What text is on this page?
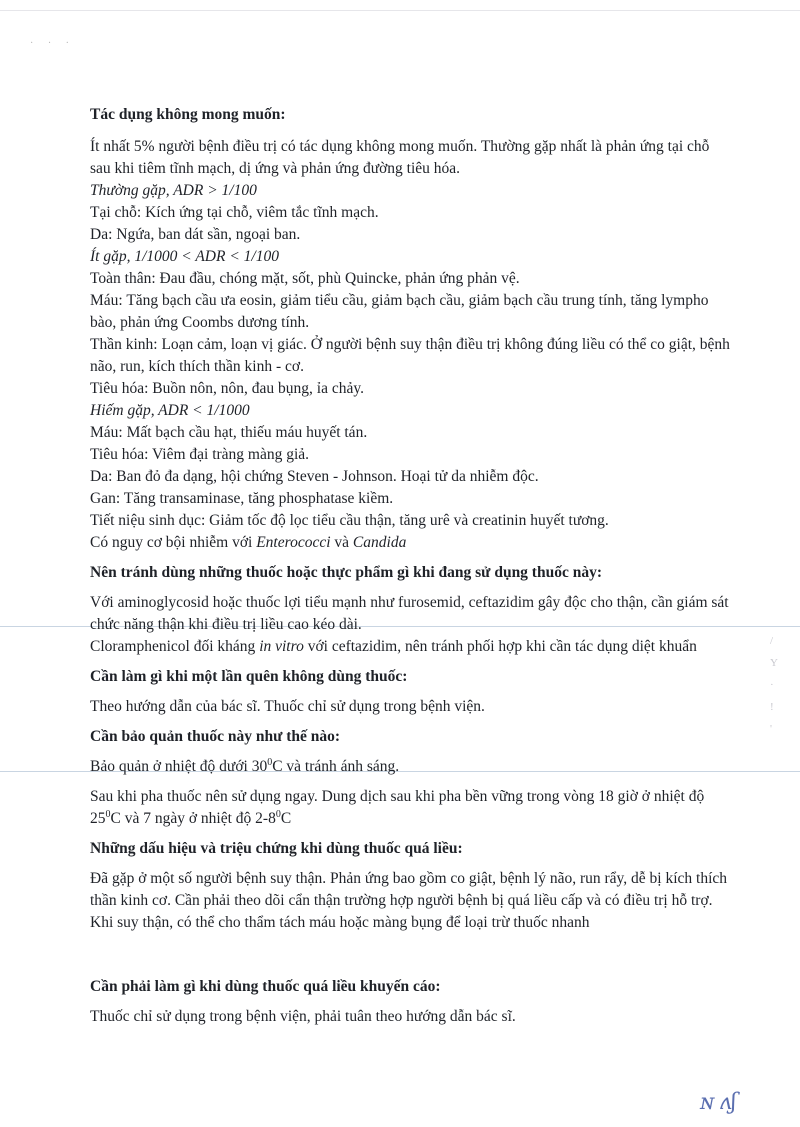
· · ·
/
Y
·
!
'
Tác dụng không mong muốn:

Ít nhất 5% người bệnh điều trị có tác dụng không mong muốn. Thường gặp nhất là phản ứng tại chỗ sau khi tiêm tĩnh mạch, dị ứng và phản ứng đường tiêu hóa.

Thường gặp, ADR > 1/100

Tại chỗ: Kích ứng tại chỗ, viêm tắc tĩnh mạch.

Da: Ngứa, ban dát sần, ngoại ban.

Ít gặp, 1/1000 < ADR < 1/100

Toàn thân: Đau đầu, chóng mặt, sốt, phù Quincke, phản ứng phản vệ.

Máu: Tăng bạch cầu ưa eosin, giảm tiểu cầu, giảm bạch cầu, giảm bạch cầu trung tính, tăng lympho bào, phản ứng Coombs dương tính.

Thần kinh: Loạn cảm, loạn vị giác. Ở người bệnh suy thận điều trị không đúng liều có thể co giật, bệnh não, run, kích thích thần kinh - cơ.

Tiêu hóa: Buồn nôn, nôn, đau bụng, ỉa chảy.

Hiếm gặp, ADR < 1/1000

Máu: Mất bạch cầu hạt, thiếu máu huyết tán.

Tiêu hóa: Viêm đại tràng màng giả.

Da: Ban đỏ đa dạng, hội chứng Steven - Johnson. Hoại tử da nhiễm độc.

Gan: Tăng transaminase, tăng phosphatase kiềm.

Tiết niệu sinh dục: Giảm tốc độ lọc tiểu cầu thận, tăng urê và creatinin huyết tương.

Có nguy cơ bội nhiễm với Enterococci và Candida

Nên tránh dùng những thuốc hoặc thực phẩm gì khi đang sử dụng thuốc này:

Với aminoglycosid hoặc thuốc lợi tiểu mạnh như furosemid, ceftazidim gây độc cho thận, cần giám sát chức năng thận khi điều trị liều cao kéo dài.

Cloramphenicol đối kháng in vitro với ceftazidim, nên tránh phối hợp khi cần tác dụng diệt khuẩn

Cần làm gì khi một lần quên không dùng thuốc:

Theo hướng dẫn của bác sĩ. Thuốc chỉ sử dụng trong bệnh viện.

Cần bảo quản thuốc này như thế nào:

Bảo quản ở nhiệt độ dưới $30^0C$ và tránh ánh sáng.

Sau khi pha thuốc nên sử dụng ngay. Dung dịch sau khi pha bền vững trong vòng 18 giờ ở nhiệt độ $25^0C$ và 7 ngày ở nhiệt độ $2-8^0C$

Những dấu hiệu và triệu chứng khi dùng thuốc quá liều:

Đã gặp ở một số người bệnh suy thận. Phản ứng bao gồm co giật, bệnh lý não, run rẩy, dễ bị kích thích thần kinh cơ. Cần phải theo dõi cẩn thận trường hợp người bệnh bị quá liều cấp và có điều trị hỗ trợ. Khi suy thận, có thể cho thẩm tách máu hoặc màng bụng để loại trừ thuốc nhanh

Cần phải làm gì khi dùng thuốc quá liều khuyến cáo:

Thuốc chỉ sử dụng trong bệnh viện, phải tuân theo hướng dẫn bác sĩ.

ɴ ʌʃ
